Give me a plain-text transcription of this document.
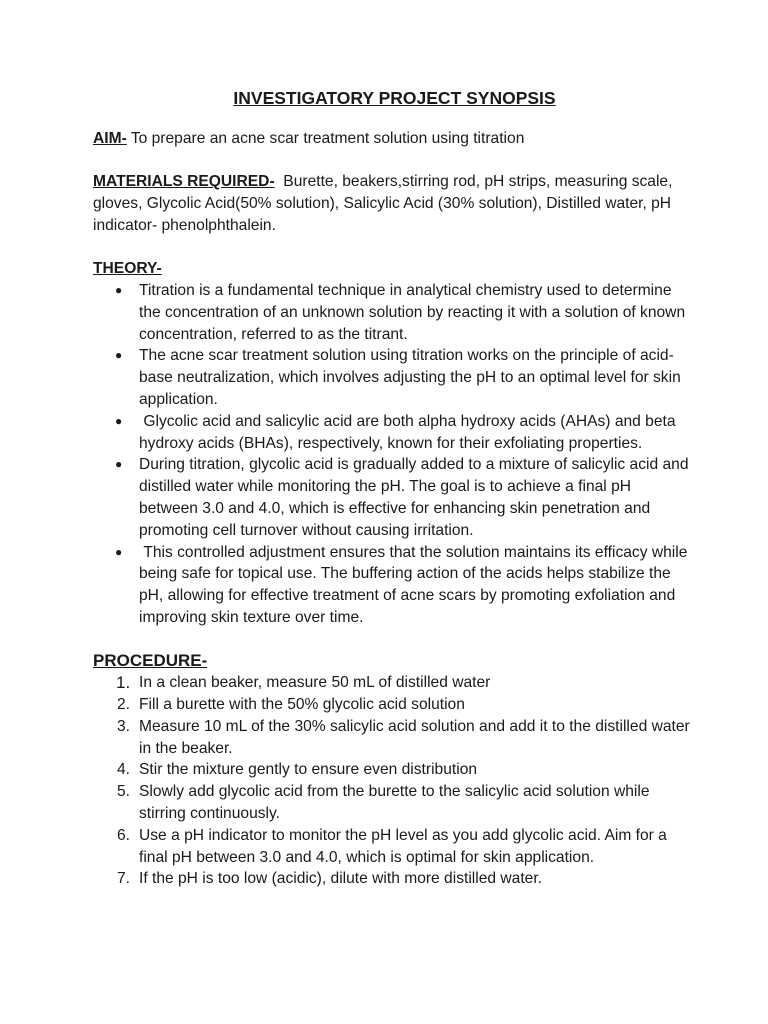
INVESTIGATORY PROJECT SYNOPSIS

AIM- To prepare an acne scar treatment solution using titration

MATERIALS REQUIRED-  Burette, beakers,stirring rod, pH strips, measuring scale, gloves, Glycolic Acid(50% solution), Salicylic Acid (30% solution), Distilled water, pH indicator- phenolphthalein.

THEORY-

● Titration is a fundamental technique in analytical chemistry used to determine the concentration of an unknown solution by reacting it with a solution of known concentration, referred to as the titrant.
● The acne scar treatment solution using titration works on the principle of acid-base neutralization, which involves adjusting the pH to an optimal level for skin application.
● Glycolic acid and salicylic acid are both alpha hydroxy acids (AHAs) and beta hydroxy acids (BHAs), respectively, known for their exfoliating properties.
● During titration, glycolic acid is gradually added to a mixture of salicylic acid and distilled water while monitoring the pH. The goal is to achieve a final pH between 3.0 and 4.0, which is effective for enhancing skin penetration and promoting cell turnover without causing irritation.
● This controlled adjustment ensures that the solution maintains its efficacy while being safe for topical use. The buffering action of the acids helps stabilize the pH, allowing for effective treatment of acne scars by promoting exfoliation and improving skin texture over time.

PROCEDURE-

1. In a clean beaker, measure 50 mL of distilled water
2. Fill a burette with the 50% glycolic acid solution
3. Measure 10 mL of the 30% salicylic acid solution and add it to the distilled water in the beaker.
4. Stir the mixture gently to ensure even distribution
5. Slowly add glycolic acid from the burette to the salicylic acid solution while stirring continuously.
6. Use a pH indicator to monitor the pH level as you add glycolic acid. Aim for a final pH between 3.0 and 4.0, which is optimal for skin application.
7. If the pH is too low (acidic), dilute with more distilled water.
